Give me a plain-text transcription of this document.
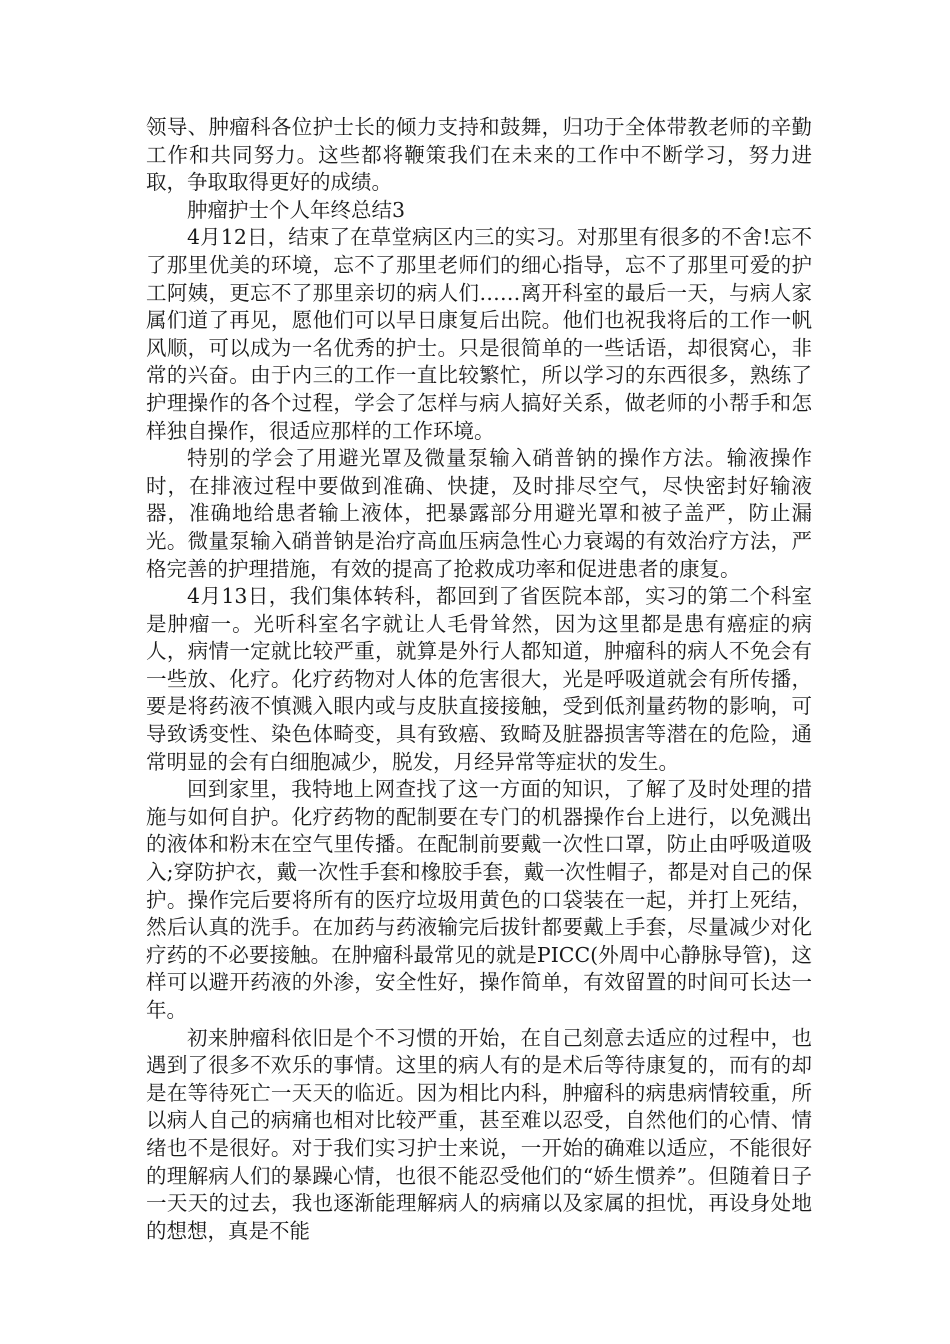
领导、肿瘤科各位护士长的倾力支持和鼓舞，归功于全体带教老师的辛勤工作和共同努力。这些都将鞭策我们在未来的工作中不断学习，努力进取，争取取得更好的成绩。

肿瘤护士个人年终总结3

4月12日，结束了在草堂病区内三的实习。对那里有很多的不舍!忘不了那里优美的环境，忘不了那里老师们的细心指导，忘不了那里可爱的护工阿姨，更忘不了那里亲切的病人们……离开科室的最后一天，与病人家属们道了再见，愿他们可以早日康复后出院。他们也祝我将后的工作一帆风顺，可以成为一名优秀的护士。只是很简单的一些话语，却很窝心，非常的兴奋。由于内三的工作一直比较繁忙，所以学习的东西很多，熟练了护理操作的各个过程，学会了怎样与病人搞好关系，做老师的小帮手和怎样独自操作，很适应那样的工作环境。

特别的学会了用避光罩及微量泵输入硝普钠的操作方法。输液操作时，在排液过程中要做到准确、快捷，及时排尽空气，尽快密封好输液器，准确地给患者输上液体，把暴露部分用避光罩和被子盖严，防止漏光。微量泵输入硝普钠是治疗高血压病急性心力衰竭的有效治疗方法，严格完善的护理措施，有效的提高了抢救成功率和促进患者的康复。

4月13日，我们集体转科，都回到了省医院本部，实习的第二个科室是肿瘤一。光听科室名字就让人毛骨耸然，因为这里都是患有癌症的病人，病情一定就比较严重，就算是外行人都知道，肿瘤科的病人不免会有一些放、化疗。化疗药物对人体的危害很大，光是呼吸道就会有所传播，要是将药液不慎溅入眼内或与皮肤直接接触，受到低剂量药物的影响，可导致诱变性、染色体畸变，具有致癌、致畸及脏器损害等潜在的危险，通常明显的会有白细胞减少，脱发，月经异常等症状的发生。

回到家里，我特地上网查找了这一方面的知识，了解了及时处理的措施与如何自护。化疗药物的配制要在专门的机器操作台上进行，以免溅出的液体和粉末在空气里传播。在配制前要戴一次性口罩，防止由呼吸道吸入;穿防护衣，戴一次性手套和橡胶手套，戴一次性帽子，都是对自己的保护。操作完后要将所有的医疗垃圾用黄色的口袋装在一起，并打上死结，然后认真的洗手。在加药与药液输完后拔针都要戴上手套，尽量减少对化疗药的不必要接触。在肿瘤科最常见的就是PICC(外周中心静脉导管)，这样可以避开药液的外渗，安全性好，操作简单，有效留置的时间可长达一年。

初来肿瘤科依旧是个不习惯的开始，在自己刻意去适应的过程中，也遇到了很多不欢乐的事情。这里的病人有的是术后等待康复的，而有的却是在等待死亡一天天的临近。因为相比内科，肿瘤科的病患病情较重，所以病人自己的病痛也相对比较严重，甚至难以忍受，自然他们的心情、情绪也不是很好。对于我们实习护士来说，一开始的确难以适应，不能很好的理解病人们的暴躁心情，也很不能忍受他们的“娇生惯养”。但随着日子一天天的过去，我也逐渐能理解病人的病痛以及家属的担忧，再设身处地的想想，真是不能
